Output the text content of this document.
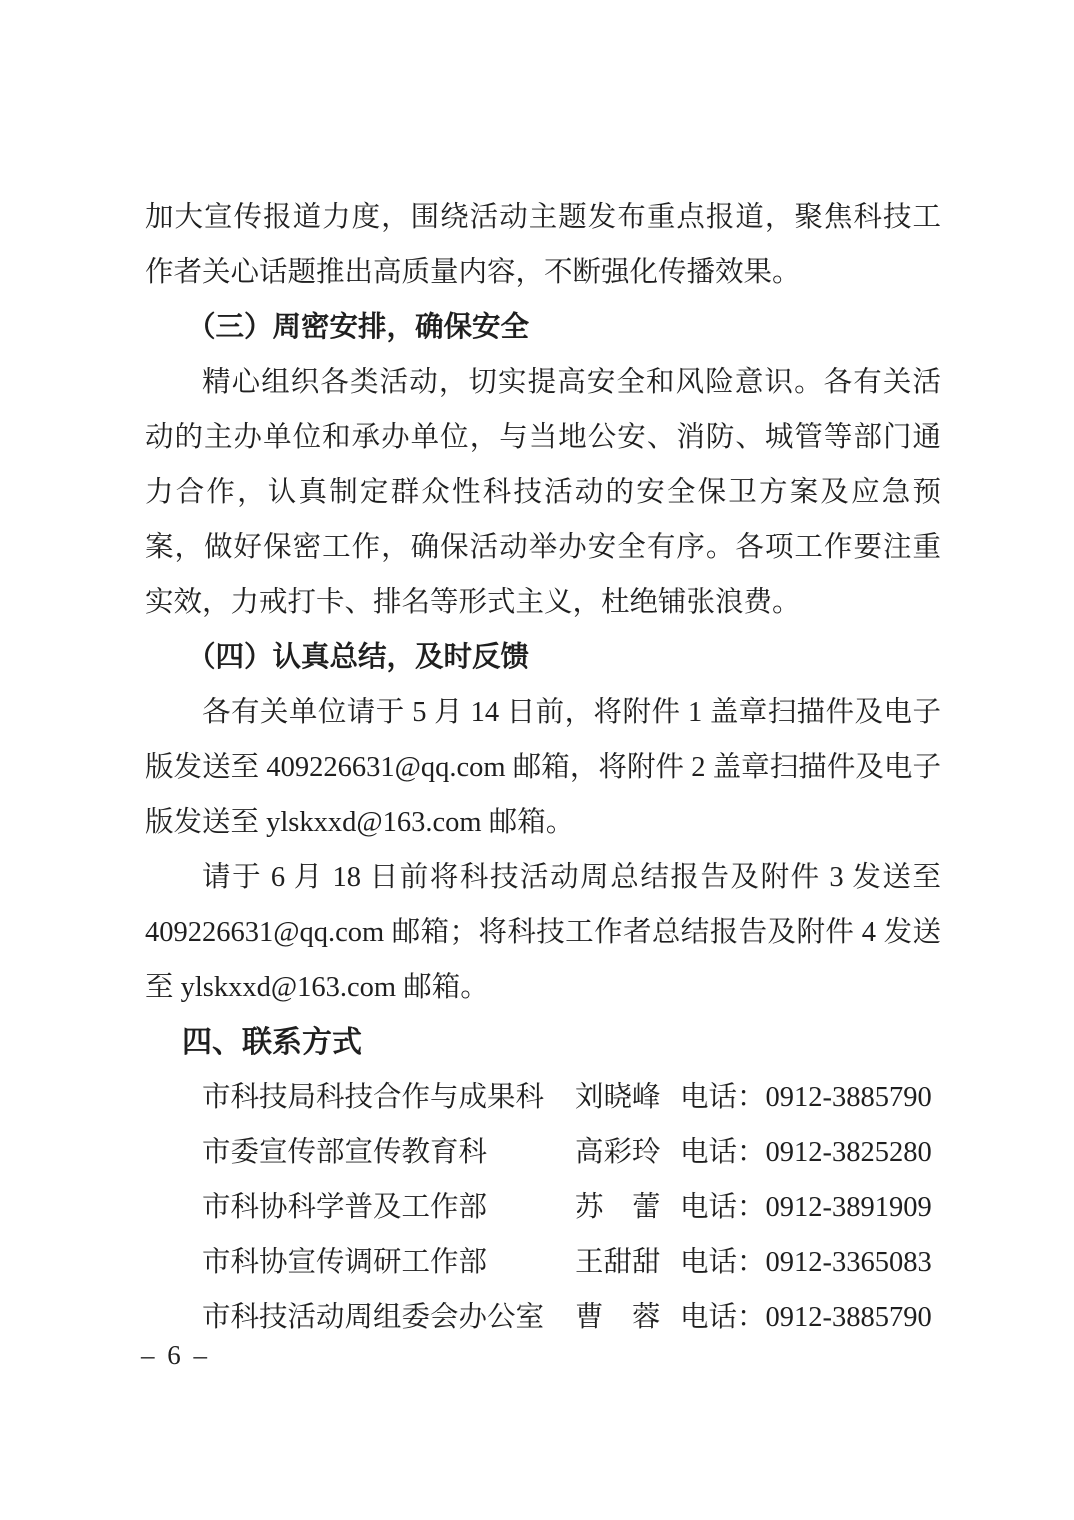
加大宣传报道力度，围绕活动主题发布重点报道，聚焦科技工作者关心话题推出高质量内容，不断强化传播效果。

（三）周密安排，确保安全

精心组织各类活动，切实提高安全和风险意识。各有关活动的主办单位和承办单位，与当地公安、消防、城管等部门通力合作，认真制定群众性科技活动的安全保卫方案及应急预案，做好保密工作，确保活动举办安全有序。各项工作要注重实效，力戒打卡、排名等形式主义，杜绝铺张浪费。

（四）认真总结，及时反馈

各有关单位请于 5 月 14 日前，将附件 1 盖章扫描件及电子版发送至 409226631@qq.com 邮箱，将附件 2 盖章扫描件及电子版发送至 ylskxxd@163.com 邮箱。

请于 6 月 18 日前将科技活动周总结报告及附件 3 发送至 409226631@qq.com 邮箱；将科技工作者总结报告及附件 4 发送至 ylskxxd@163.com 邮箱。

四、联系方式

市科技局科技合作与成果科	刘晓峰 电话： 0912-3885790
市委宣传部宣传教育科	高彩玲 电话： 0912-3825280
市科协科学普及工作部	苏　蕾 电话： 0912-3891909
市科协宣传调研工作部	王甜甜 电话： 0912-3365083
市科技活动周组委会办公室	曹　蓉 电话： 0912-3885790
– 6 –
